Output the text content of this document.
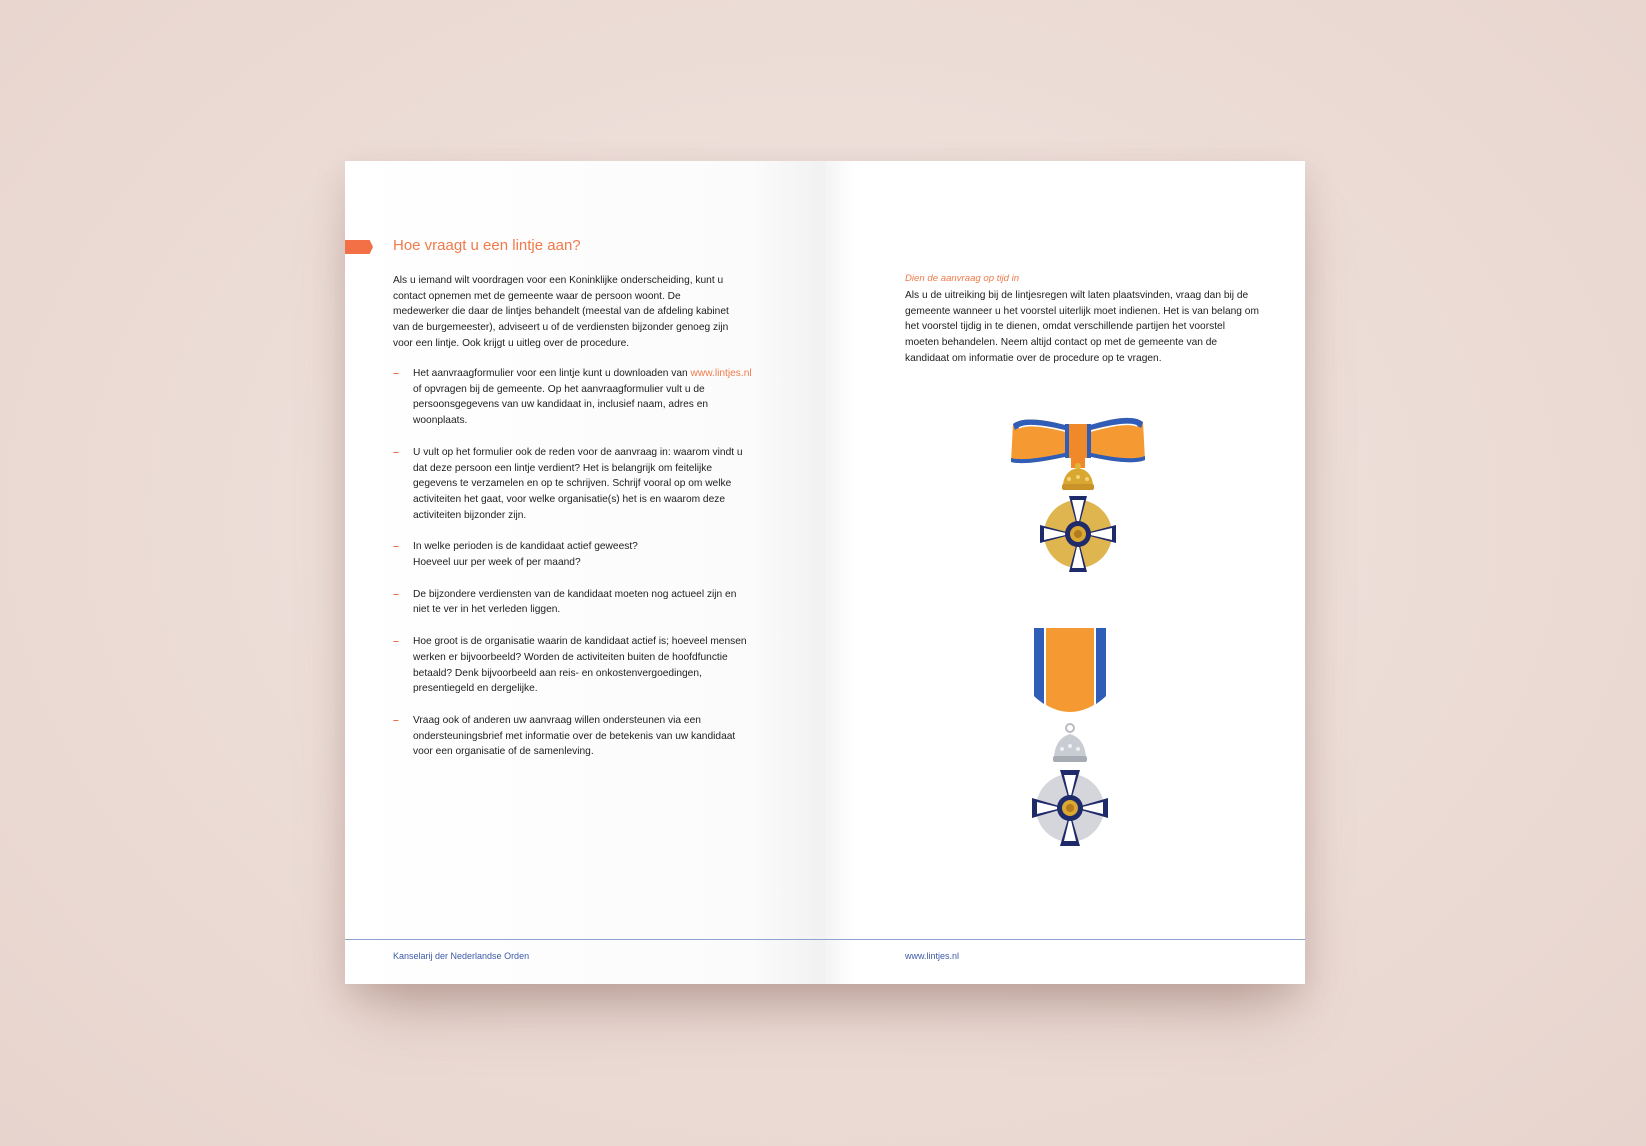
Hoe vraagt u een lintje aan?

Als u iemand wilt voordragen voor een Koninklijke onderscheiding, kunt u contact opnemen met de gemeente waar de persoon woont. De medewerker die daar de lintjes behandelt (meestal van de afdeling kabinet van de burgemeester), adviseert u of de verdiensten bijzonder genoeg zijn voor een lintje. Ook krijgt u uitleg over de procedure.

– Het aanvraagformulier voor een lintje kunt u downloaden van www.lintjes.nl of opvragen bij de gemeente. Op het aanvraagformulier vult u de persoonsgegevens van uw kandidaat in, inclusief naam, adres en woonplaats.
– U vult op het formulier ook de reden voor de aanvraag in: waarom vindt u dat deze persoon een lintje verdient? Het is belangrijk om feitelijke gegevens te verzamelen en op te schrijven. Schrijf vooral op om welke activiteiten het gaat, voor welke organisatie(s) het is en waarom deze activiteiten bijzonder zijn.
– In welke perioden is de kandidaat actief geweest?
Hoeveel uur per week of per maand?
– De bijzondere verdiensten van de kandidaat moeten nog actueel zijn en niet te ver in het verleden liggen.
– Hoe groot is de organisatie waarin de kandidaat actief is; hoeveel mensen werken er bijvoorbeeld? Worden de activiteiten buiten de hoofdfunctie betaald? Denk bijvoorbeeld aan reis- en onkostenvergoedingen, presentiegeld en dergelijke.
– Vraag ook of anderen uw aanvraag willen ondersteunen via een ondersteuningsbrief met informatie over de betekenis van uw kandidaat voor een organisatie of de samenleving.
Kanselarij der Nederlandse Orden
Dien de aanvraag op tijd in

Als u de uitreiking bij de lintjesregen wilt laten plaatsvinden, vraag dan bij de gemeente wanneer u het voorstel uiterlijk moet indienen. Het is van belang om het voorstel tijdig in te dienen, omdat verschillende partijen het voorstel moeten behandelen. Neem altijd contact op met de gemeente van de kandidaat om informatie over de procedure op te vragen.

www.lintjes.nl
